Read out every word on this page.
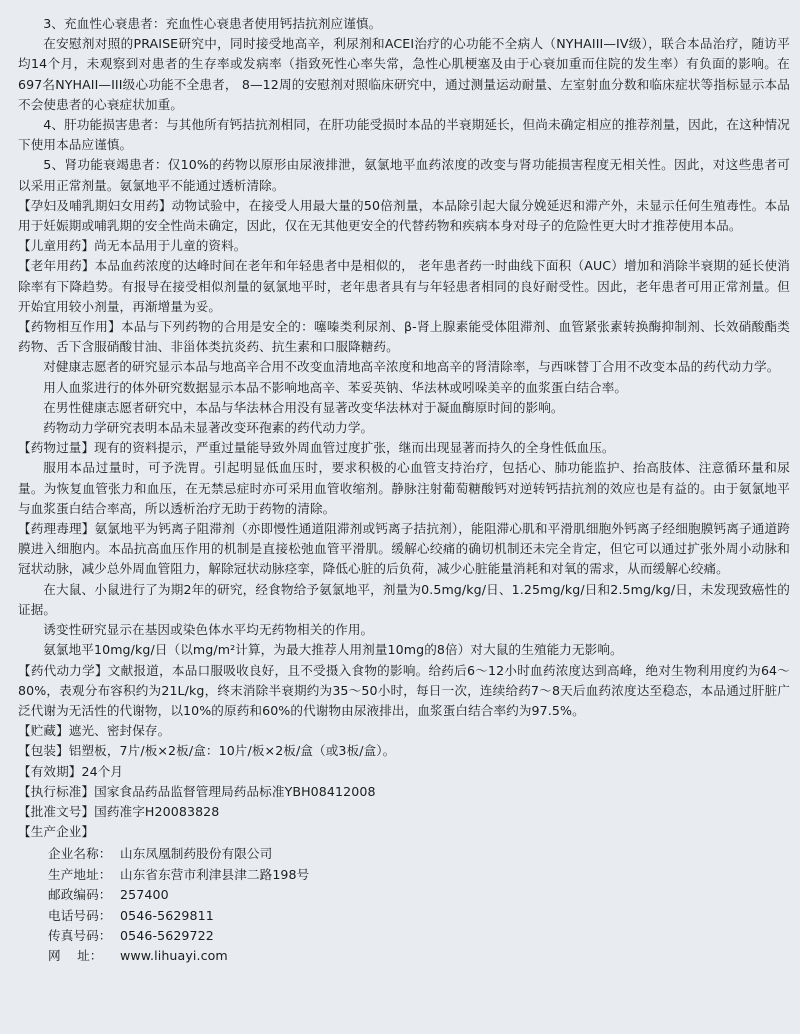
3、充血性心衰患者：充血性心衰患者使用钙拮抗剂应谨慎。

在安慰剂对照的PRAISE研究中，同时接受地高辛，利尿剂和ACEI治疗的心功能不全病人（NYHAIII—IV级），联合本品治疗，随访平均14个月，未观察到对患者的生存率或发病率（指致死性心率失常，急性心肌梗塞及由于心衰加重而住院的发生率）有负面的影响。在697名NYHAII—III级心功能不全患者， 8—12周的安慰剂对照临床研究中，通过测量运动耐量、左室射血分数和临床症状等指标显示本品不会使患者的心衰症状加重。

4、肝功能损害患者：与其他所有钙拮抗剂相同，在肝功能受损时本品的半衰期延长，但尚未确定相应的推荐剂量，因此，在这种情况下使用本品应谨慎。

5、肾功能衰竭患者：仅10%的药物以原形由尿液排泄，氨氯地平血药浓度的改变与肾功能损害程度无相关性。因此，对这些患者可以采用正常剂量。氨氯地平不能通过透析清除。

【孕妇及哺乳期妇女用药】动物试验中，在接受人用最大量的50倍剂量，本品除引起大鼠分娩延迟和滞产外，未显示任何生殖毒性。本品用于妊娠期或哺乳期的安全性尚未确定，因此，仅在无其他更安全的代替药物和疾病本身对母子的危险性更大时才推荐使用本品。

【儿童用药】尚无本品用于儿童的资料。

【老年用药】本品血药浓度的达峰时间在老年和年轻患者中是相似的， 老年患者药一时曲线下面积（AUC）增加和消除半衰期的延长使消除率有下降趋势。有报导在接受相似剂量的氨氯地平时，老年患者具有与年轻患者相同的良好耐受性。因此，老年患者可用正常剂量。但开始宜用较小剂量，再渐增量为妥。

【药物相互作用】本品与下列药物的合用是安全的：噻嗪类利尿剂、β-肾上腺素能受体阻滞剂、血管紧张素转换酶抑制剂、长效硝酸酯类药物、舌下含服硝酸甘油、非甾体类抗炎药、抗生素和口服降糖药。

对健康志愿者的研究显示本品与地高辛合用不改变血清地高辛浓度和地高辛的肾清除率，与西咪替丁合用不改变本品的药代动力学。

用人血浆进行的体外研究数据显示本品不影响地高辛、苯妥英钠、华法林或吲哚美辛的血浆蛋白结合率。

在男性健康志愿者研究中，本品与华法林合用没有显著改变华法林对于凝血酶原时间的影响。

药物动力学研究表明本品未显著改变环孢素的药代动力学。

【药物过量】现有的资料提示，严重过量能导致外周血管过度扩张，继而出现显著而持久的全身性低血压。

服用本品过量时，可予洗胃。引起明显低血压时，要求积极的心血管支持治疗，包括心、肺功能监护、抬高肢体、注意循环量和尿量。为恢复血管张力和血压，在无禁忌症时亦可采用血管收缩剂。静脉注射葡萄糖酸钙对逆转钙拮抗剂的效应也是有益的。由于氨氯地平与血浆蛋白结合率高，所以透析治疗无助于药物的清除。

【药理毒理】氨氯地平为钙离子阻滞剂（亦即慢性通道阻滞剂或钙离子拮抗剂），能阻滞心肌和平滑肌细胞外钙离子经细胞膜钙离子通道跨膜进入细胞内。本品抗高血压作用的机制是直接松弛血管平滑肌。缓解心绞痛的确切机制还未完全肯定，但它可以通过扩张外周小动脉和冠状动脉，减少总外周血管阻力，解除冠状动脉痉挛，降低心脏的后负荷，减少心脏能量消耗和对氧的需求，从而缓解心绞痛。

在大鼠、小鼠进行了为期2年的研究，经食物给予氨氯地平，剂量为0.5mg/kg/日、1.25mg/kg/日和2.5mg/kg/日，未发现致癌性的证据。

诱变性研究显示在基因或染色体水平均无药物相关的作用。

氨氯地平10mg/kg/日（以mg/m²计算，为最大推荐人用剂量10mg的8倍）对大鼠的生殖能力无影响。

【药代动力学】文献报道，本品口服吸收良好，且不受摄入食物的影响。给药后6～12小时血药浓度达到高峰，绝对生物利用度约为64～80%，表观分布容积约为21L/kg，终末消除半衰期约为35～50小时，每日一次，连续给药7～8天后血药浓度达至稳态，本品通过肝脏广泛代谢为无活性的代谢物，以10%的原药和60%的代谢物由尿液排出，血浆蛋白结合率约为97.5%。

【贮藏】遮光、密封保存。

【包装】铝塑板，7片/板×2板/盒：10片/板×2板/盒（或3板/盒）。

【有效期】24个月

【执行标准】国家食品药品监督管理局药品标准YBH08412008

【批准文号】国药准字H20083828

【生产企业】

企业名称： 山东凤凰制药股份有限公司
生产地址： 山东省东营市利津县津二路198号
邮政编码： 257400
电话号码： 0546-5629811
传真号码： 0546-5629722
网    址：	www.lihuayi.com
